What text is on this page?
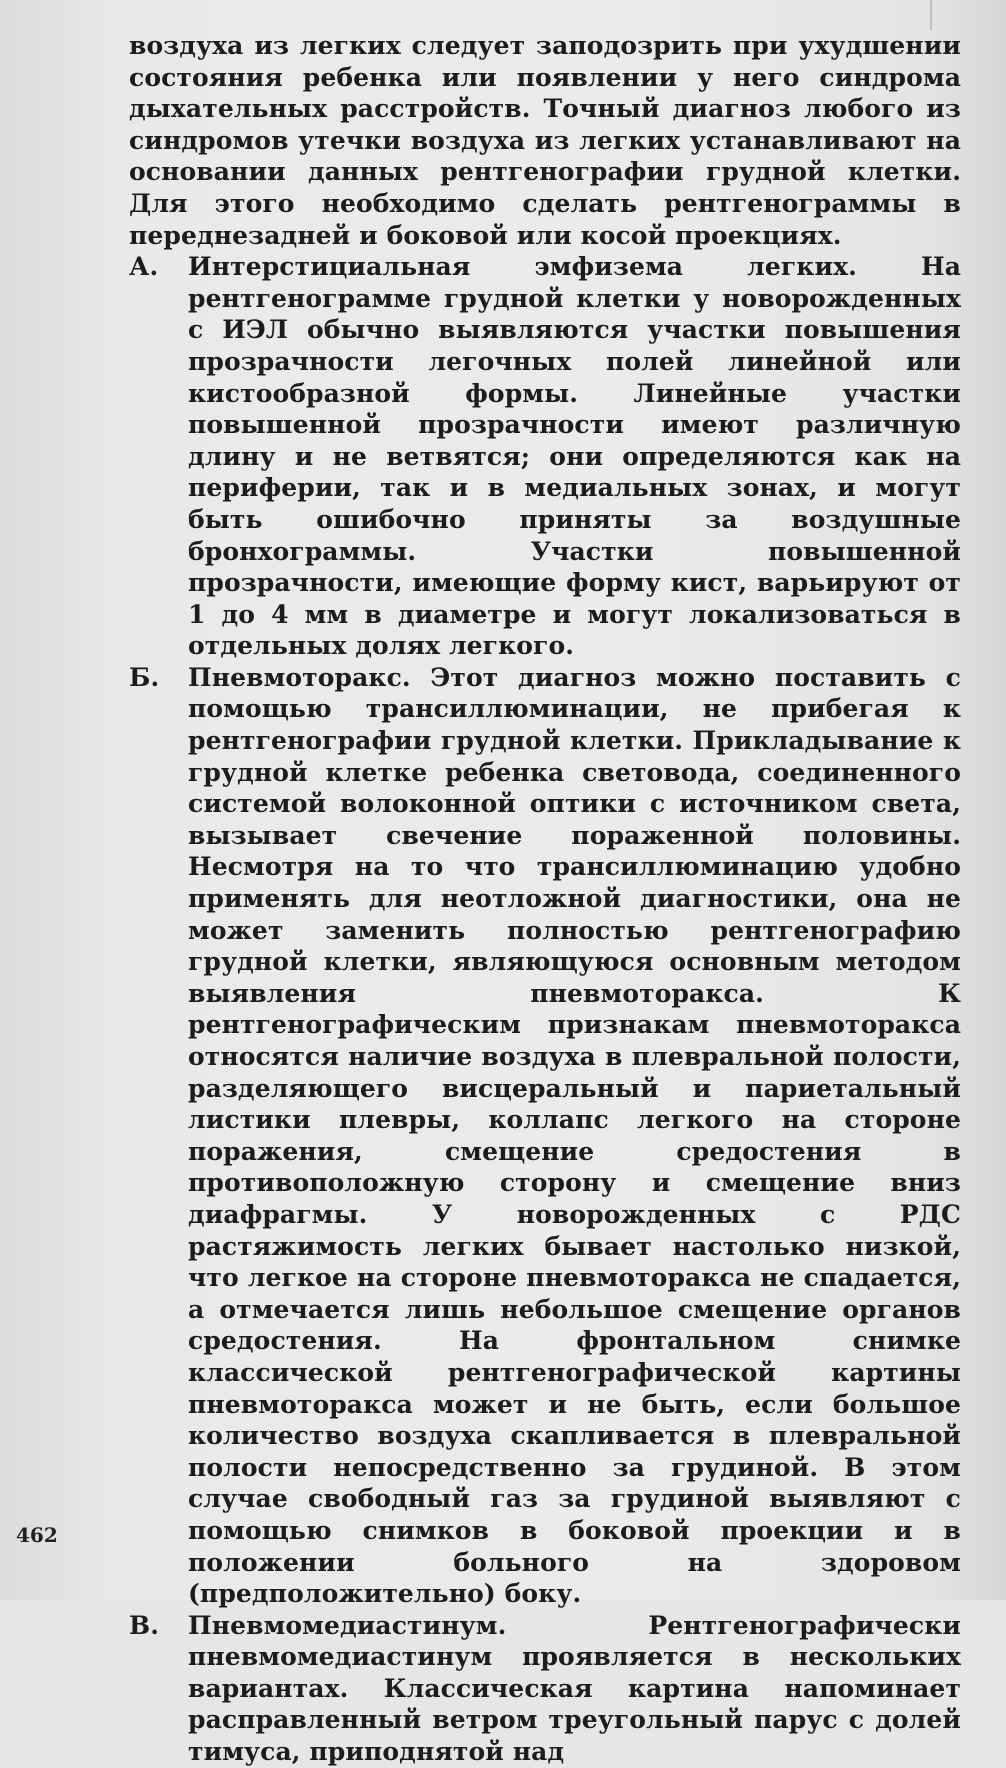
воздуха из легких следует заподозрить при ухудшении состояния ребенка или появлении у него синдрома дыхательных расстройств. Точный диагноз любого из синдромов утечки воздуха из легких устанавливают на основании данных рентгенографии грудной клетки. Для этого необходимо сделать рентгенограммы в переднезадней и боковой или косой проекциях.

А. Интерстициальная эмфизема легких. На рентгенограмме грудной клетки у новорожденных с ИЭЛ обычно выявляются участки повышения прозрачности легочных полей линейной или кистообразной формы. Линейные участки повышенной прозрачности имеют различную длину и не ветвятся; они определяются как на периферии, так и в медиальных зонах, и могут быть ошибочно приняты за воздушные бронхограммы. Участки повышенной прозрачности, имеющие форму кист, варьируют от 1 до 4 мм в диаметре и могут локализоваться в отдельных долях легкого.

Б. Пневмоторакс. Этот диагноз можно поставить с помощью трансиллюминации, не прибегая к рентгенографии грудной клетки. Прикладывание к грудной клетке ребенка световода, соединенного системой волоконной оптики с источником света, вызывает свечение пораженной половины. Несмотря на то что трансиллюминацию удобно применять для неотложной диагностики, она не может заменить полностью рентгенографию грудной клетки, являющуюся основным методом выявления пневмоторакса. К рентгенографическим признакам пневмоторакса относятся наличие воздуха в плевральной полости, разделяющего висцеральный и париетальный листики плевры, коллапс легкого на стороне поражения, смещение средостения в противоположную сторону и смещение вниз диафрагмы. У новорожденных с РДС растяжимость легких бывает настолько низкой, что легкое на стороне пневмоторакса не спадается, а отмечается лишь небольшое смещение органов средостения. На фронтальном снимке классической рентгенографической картины пневмоторакса может и не быть, если большое количество воздуха скапливается в плевральной полости непосредственно за грудиной. В этом случае свободный газ за грудиной выявляют с помощью снимков в боковой проекции и в положении больного на здоровом (предположительно) боку.

В. Пневмомедиастинум. Рентгенографически пневмомедиастинум проявляется в нескольких вариантах. Классическая картина напоминает расправленный ветром треугольный парус с долей тимуса, приподнятой над

462
